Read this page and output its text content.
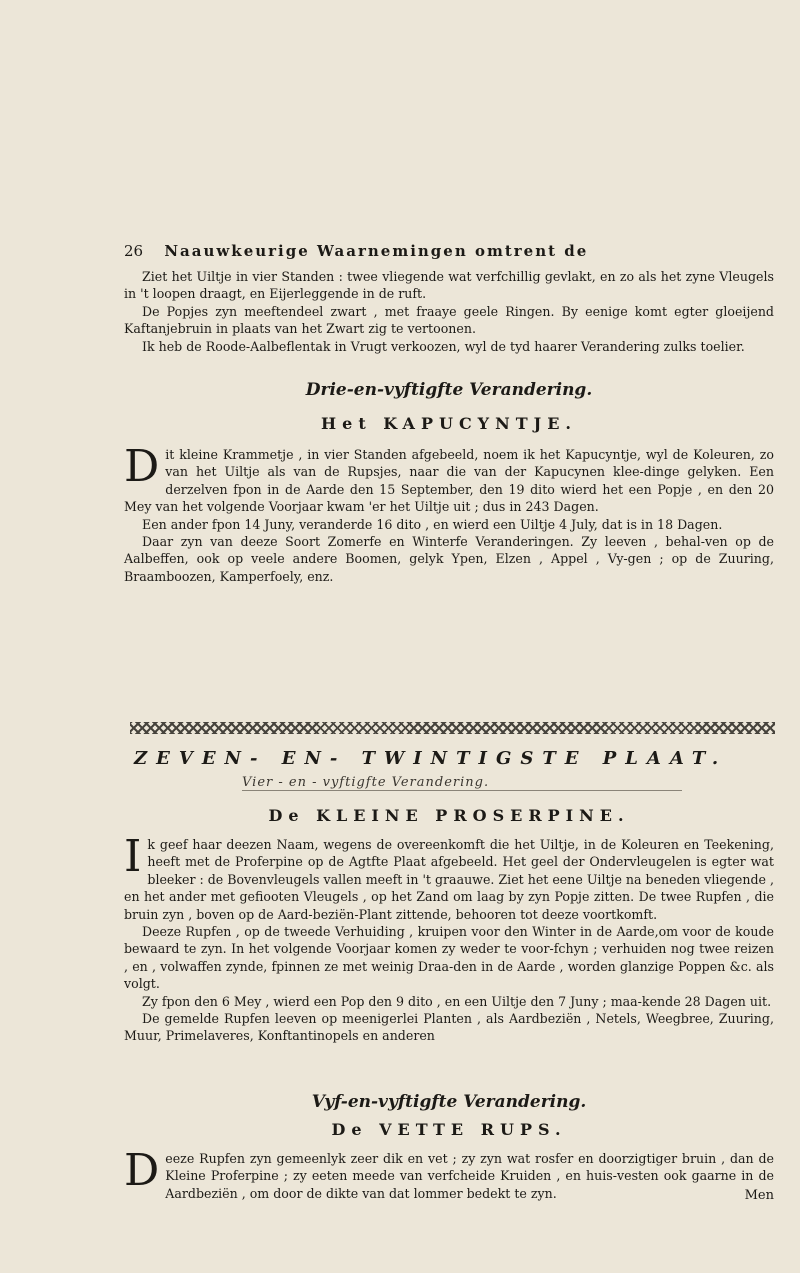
26 Naauwkeurige Waarnemingen omtrent de

Ziet het Uiltje in vier Standen : twee vliegende wat verfchillig gevlakt, en zo als het zyne Vleugels in 't loopen draagt, en Eijerleggende in de ruft.

De Popjes zyn meeftendeel zwart , met fraaye geele Ringen. By eenige komt egter gloeijend Kaftanjebruin in plaats van het Zwart zig te vertoonen.

Ik heb de Roode-Aalbeflentak in Vrugt verkoozen, wyl de tyd haarer Verandering zulks toelier.

Drie-en-vyftigfte Verandering.
Het KAPUCYNTJE.

Dit kleine Krammetje , in vier Standen afgebeeld, noem ik het Kapucyntje, wyl de Koleuren, zo van het Uiltje als van de Rupsjes, naar die van der Kapucynen klee-dinge gelyken. Een derzelven fpon in de Aarde den 15 September, den 19 dito wierd het een Popje , en den 20 Mey van het volgende Voorjaar kwam 'er het Uiltje uit ; dus in 243 Dagen.

Een ander fpon 14 Juny, veranderde 16 dito , en wierd een Uiltje 4 July, dat is in 18 Dagen.

Daar zyn van deeze Soort Zomerfe en Winterfe Veranderingen. Zy leeven , behal-ven op de Aalbeffen, ook op veele andere Boomen, gelyk Ypen, Elzen , Appel , Vy-gen ; op de Zuuring, Braamboozen, Kamperfoely, enz.

ZEVEN- EN- TWINTIGSTE PLAAT.
Vier - en - vyftigfte Verandering.
De KLEINE PROSERPINE.

Ik geef haar deezen Naam, wegens de overeenkomft die het Uiltje, in de Koleuren en Teekening, heeft met de Proferpine op de Agtfte Plaat afgebeeld. Het geel der Ondervleugelen is egter wat bleeker : de Bovenvleugels vallen meeft in 't graauwe. Ziet het eene Uiltje na beneden vliegende , en het ander met gefiooten Vleugels , op het Zand om laag by zyn Popje zitten. De twee Rupfen , die bruin zyn , boven op de Aard-beziën-Plant zittende, behooren tot deeze voortkomft.

Deeze Rupfen , op de tweede Verhuiding , kruipen voor den Winter in de Aarde,om voor de koude bewaard te zyn. In het volgende Voorjaar komen zy weder te voor-fchyn ; verhuiden nog twee reizen , en , volwaffen zynde, fpinnen ze met weinig Draa-den in de Aarde , worden glanzige Poppen &c. als volgt.

Zy fpon den 6 Mey , wierd een Pop den 9 dito , en een Uiltje den 7 Juny ; maa-kende 28 Dagen uit.

De gemelde Rupfen leeven op meenigerlei Planten , als Aardbeziën , Netels, Weegbree, Zuuring, Muur, Primelaveres, Konftantinopels en anderen

Vyf-en-vyftigfte Verandering.
De VETTE RUPS.

Deeze Rupfen zyn gemeenlyk zeer dik en vet ; zy zyn wat rosfer en doorzigtiger bruin , dan de Kleine Proferpine ; zy eeten meede van verfcheide Kruiden , en huis-vesten ook gaarne in de Aardbeziën , om door de dikte van dat lommer bedekt te zyn.	Men
